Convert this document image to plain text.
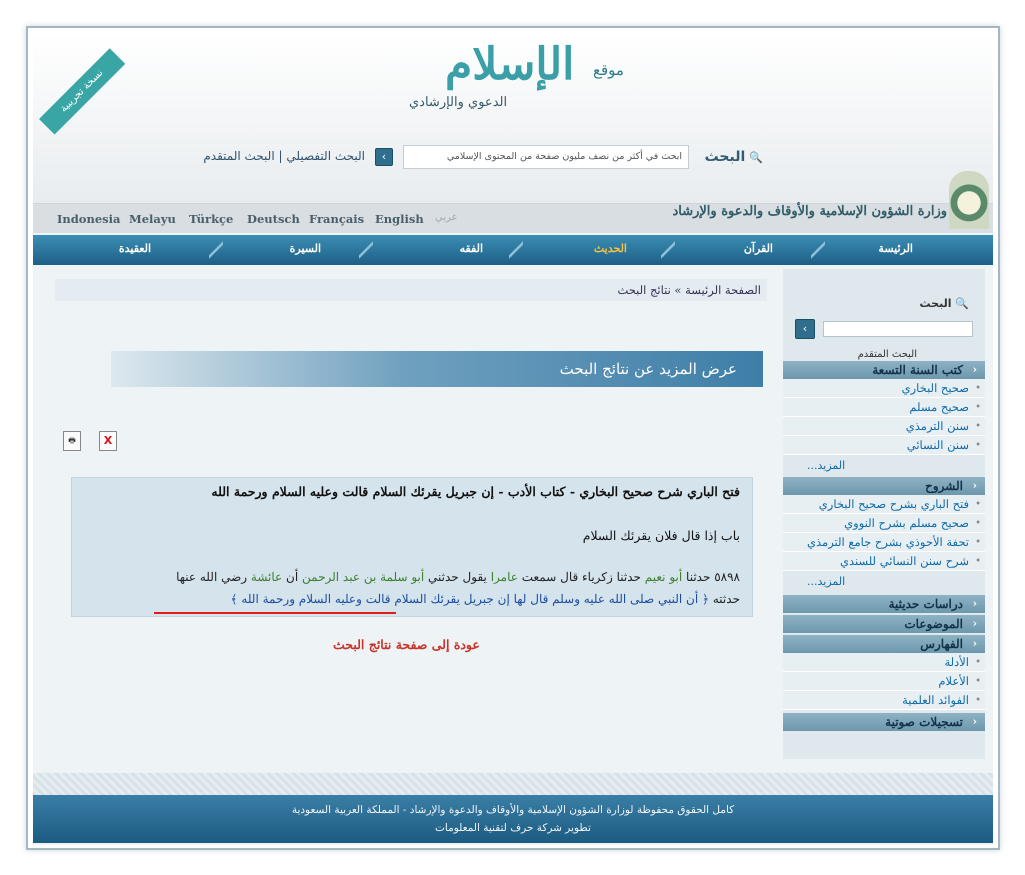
نسخة تجريبية
الإسلام موقع
الدعوي والإرشادي
🔍البحث
ابحث في أكثر من نصف مليون صفحة من المحتوى الإسلامي
›
البحث التفصيلي | البحث المتقدم
عربي
English
Français
Deutsch
Türkçe
Melayu
Indonesia	وزارة الشؤون الإسلامية والأوقاف والدعوة والإرشاد
الرئيسة
القرآن
الحديث
الفقه
السيرة
العقيدة
🔍 البحث
›
البحث المتقدم
‹ كتب السنة التسعة
• صحيح البخاري
• صحيح مسلم
• سنن الترمذي
• سنن النسائي
المزيد...
‹ الشروح
• فتح الباري بشرح صحيح البخاري
• صحيح مسلم بشرح النووي
• تحفة الأحوذي بشرح جامع الترمذي
• شرح سنن النسائي للسندي
المزيد...
‹ دراسات حديثية
‹ الموضوعات
‹ الفهارس
• الأدلة
• الأعلام
• الفوائد العلمية
‹ تسجيلات صوتية
الصفحة الرئيسة » نتائج البحث
عرض المزيد عن نتائج البحث
🖶	X
فتح الباري شرح صحيح البخاري - كتاب الأدب - إن جبريل يقرئك السلام قالت وعليه السلام ورحمة الله
باب إذا قال فلان يقرئك السلام
٥٨٩٨ حدثنا أبو نعيم حدثنا زكرياء قال سمعت عامرا يقول حدثني أبو سلمة بن عبد الرحمن أن عائشة رضي الله عنها
حدثته ﴿ أن النبي صلى الله عليه وسلم قال لها إن جبريل يقرئك السلام قالت وعليه السلام ورحمة الله ﴾
عودة إلى صفحة نتائج البحث
كامل الحقوق محفوظة لوزارة الشؤون الإسلامية والأوقاف والدعوة والإرشاد - المملكة العربية السعودية
تطوير شركة حرف لتقنية المعلومات
